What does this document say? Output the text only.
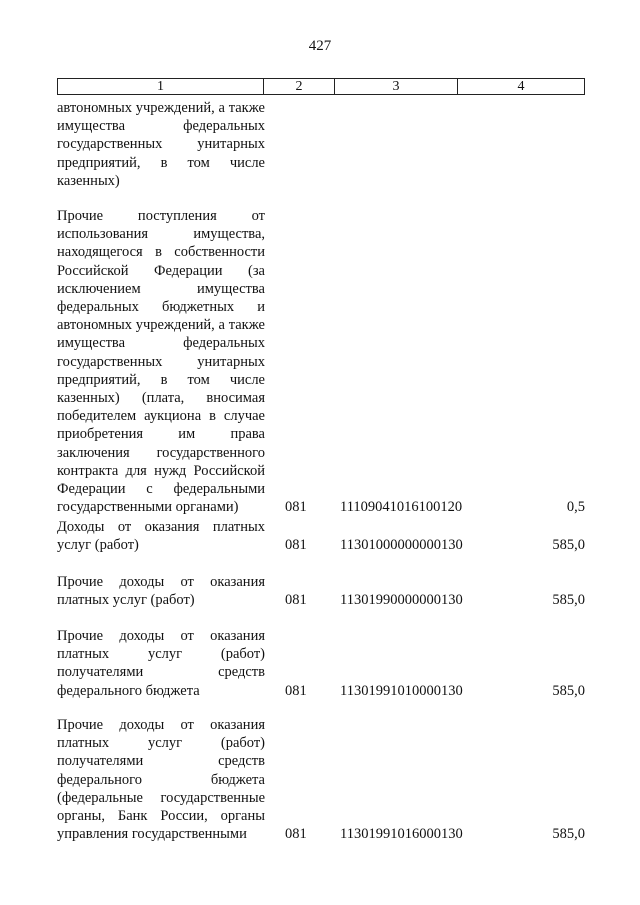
427
1	2	3	4
автономных учреждений, а также имущества федеральных государственных унитарных предприятий, в том числе казенных)
Прочие поступления от использования имущества, находящегося в собственности Российской Федерации (за исключением имущества федеральных бюджетных и автономных учреждений, а также имущества федеральных государственных унитарных предприятий, в том числе казенных) (плата, вносимая победителем аукциона в случае приобретения им права заключения государственного контракта для нужд Российской Федерации с федеральными государственными органами)	081	11109041016100120	0,5
Доходы от оказания платных услуг (работ)	081	11301000000000130	585,0
Прочие доходы от оказания платных услуг (работ)	081	11301990000000130	585,0
Прочие доходы от оказания платных услуг (работ) получателями средств федерального бюджета	081	11301991010000130	585,0
Прочие доходы от оказания платных услуг (работ) получателями средств федерального бюджета (федеральные государственные органы, Банк России, органы управления государственными	081	11301991016000130	585,0
